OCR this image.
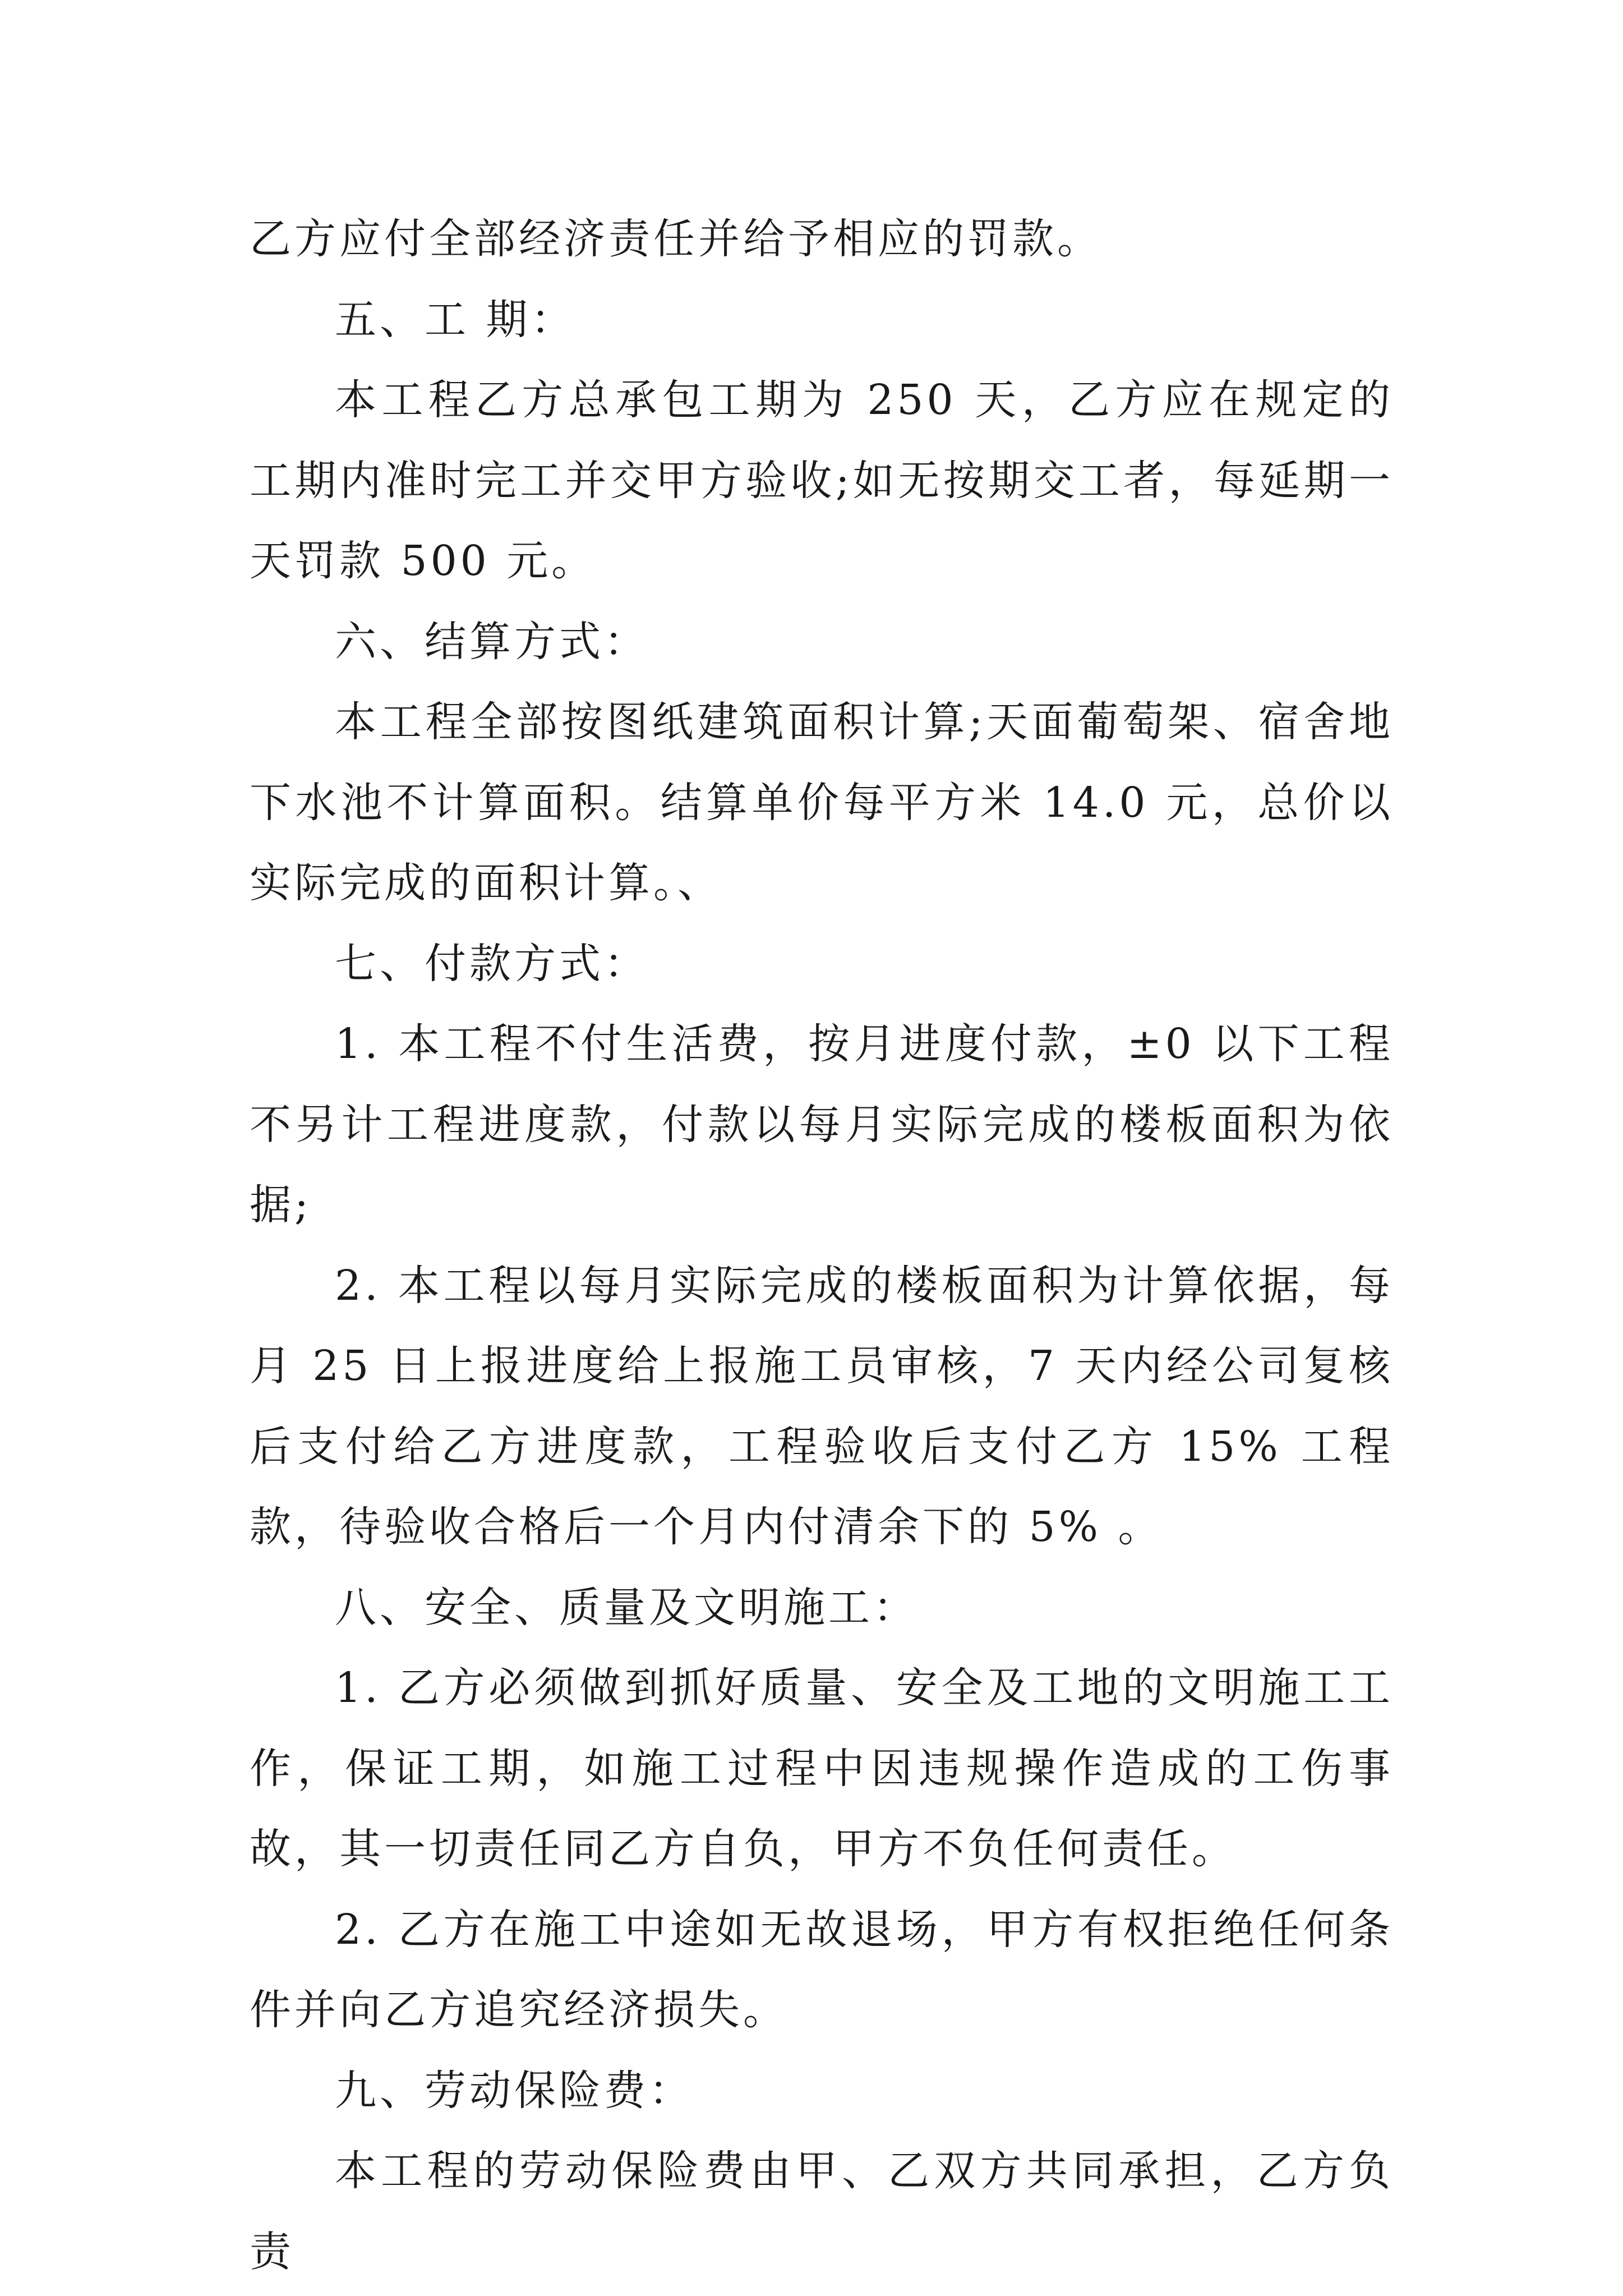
乙方应付全部经济责任并给予相应的罚款。

五、工 期：

本工程乙方总承包工期为 250 天，乙方应在规定的工期内准时完工并交甲方验收;如无按期交工者，每延期一天罚款 500 元。

六、结算方式：

本工程全部按图纸建筑面积计算;天面葡萄架、宿舍地下水池不计算面积。结算单价每平方米 14.0 元，总价以实际完成的面积计算。、

七、付款方式：

1. 本工程不付生活费，按月进度付款，±0 以下工程不另计工程进度款，付款以每月实际完成的楼板面积为依据;

2. 本工程以每月实际完成的楼板面积为计算依据，每月 25 日上报进度给上报施工员审核，7 天内经公司复核后支付给乙方进度款，工程验收后支付乙方 15% 工程款，待验收合格后一个月内付清余下的 5% 。

八、安全、质量及文明施工：

1. 乙方必须做到抓好质量、安全及工地的文明施工工作，保证工期，如施工过程中因违规操作造成的工伤事故，其一切责任同乙方自负，甲方不负任何责任。

2. 乙方在施工中途如无故退场，甲方有权拒绝任何条件并向乙方追究经济损失。

九、劳动保险费：

本工程的劳动保险费由甲、乙双方共同承担，乙方负责
